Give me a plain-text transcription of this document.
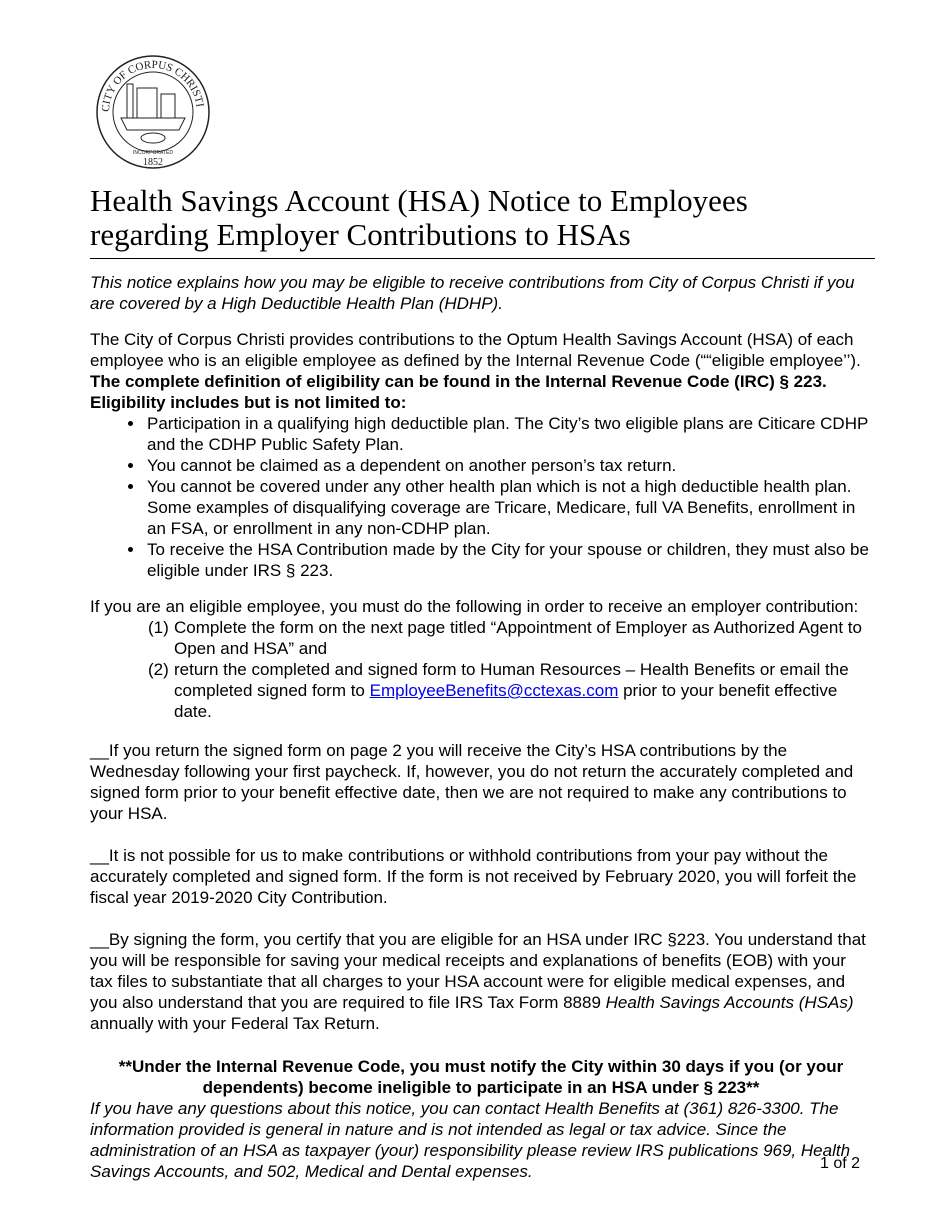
CITY OF CORPUS CHRISTI
INCORPORATED
1852
Health Savings Account (HSA) Notice to Employees
regarding Employer Contributions to HSAs

This notice explains how you may be eligible to receive contributions from City of Corpus Christi if you are covered by a High Deductible Health Plan (HDHP).

The City of Corpus Christi provides contributions to the Optum Health Savings Account (HSA) of each employee who is an eligible employee as defined by the Internal Revenue Code (““eligible employee’’). The complete definition of eligibility can be found in the Internal Revenue Code (IRC) § 223. Eligibility includes but is not limited to:

• Participation in a qualifying high deductible plan. The City’s two eligible plans are Citicare CDHP and the CDHP Public Safety Plan.
• You cannot be claimed as a dependent on another person’s tax return.
• You cannot be covered under any other health plan which is not a high deductible health plan. Some examples of disqualifying coverage are Tricare, Medicare, full VA Benefits, enrollment in an FSA, or enrollment in any non-CDHP plan.
• To receive the HSA Contribution made by the City for your spouse or children, they must also be eligible under IRS § 223.

If you are an eligible employee, you must do the following in order to receive an employer contribution:

(1) Complete the form on the next page titled “Appointment of Employer as Authorized Agent to Open and HSA” and
(2) return the completed and signed form to Human Resources – Health Benefits or email the completed signed form to EmployeeBenefits@cctexas.com prior to your benefit effective date.

__If you return the signed form on page 2 you will receive the City’s HSA contributions by the Wednesday following your first paycheck. If, however, you do not return the accurately completed and signed form prior to your benefit effective date, then we are not required to make any contributions to your HSA.

__It is not possible for us to make contributions or withhold contributions from your pay without the accurately completed and signed form. If the form is not received by February 2020, you will forfeit the fiscal year 2019-2020 City Contribution.

__By signing the form, you certify that you are eligible for an HSA under IRC §223. You understand that you will be responsible for saving your medical receipts and explanations of benefits (EOB) with your tax files to substantiate that all charges to your HSA account were for eligible medical expenses, and you also understand that you are required to file IRS Tax Form 8889 Health Savings Accounts (HSAs) annually with your Federal Tax Return.

**Under the Internal Revenue Code, you must notify the City within 30 days if you (or your dependents) become ineligible to participate in an HSA under § 223**

If you have any questions about this notice, you can contact Health Benefits at (361) 826-3300. The information provided is general in nature and is not intended as legal or tax advice. Since the administration of an HSA as taxpayer (your) responsibility please review IRS publications 969, Health Savings Accounts, and 502, Medical and Dental expenses.	1 of 2
